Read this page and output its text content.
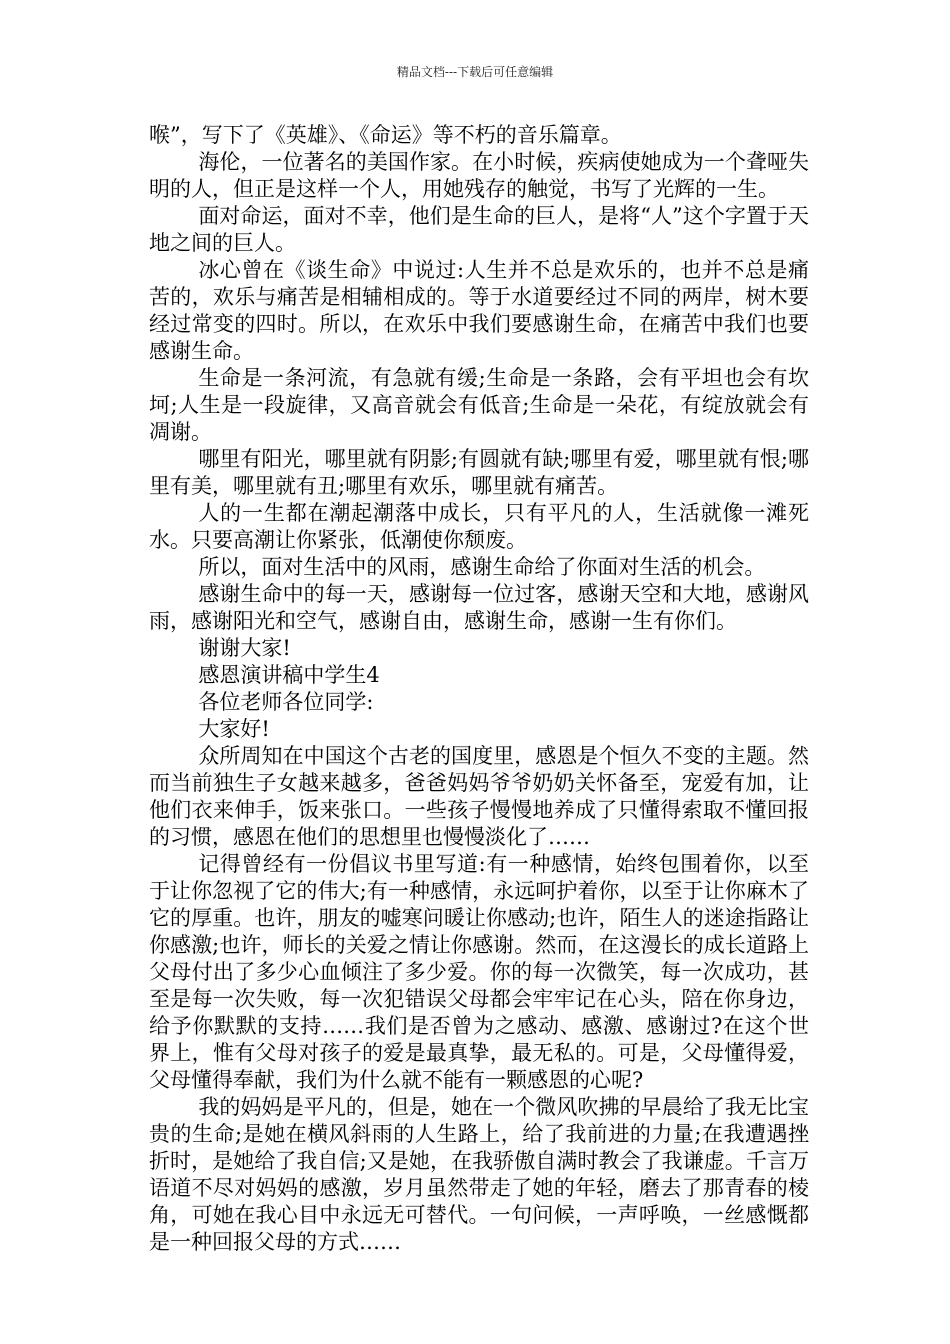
精品文档---下载后可任意编辑

喉”，写下了《英雄》、《命运》等不朽的音乐篇章。

海伦，一位著名的美国作家。在小时候，疾病使她成为一个聋哑失明的人，但正是这样一个人，用她残存的触觉，书写了光辉的一生。

面对命运，面对不幸，他们是生命的巨人，是将“人”这个字置于天地之间的巨人。

冰心曾在《谈生命》中说过:人生并不总是欢乐的，也并不总是痛苦的，欢乐与痛苦是相辅相成的。等于水道要经过不同的两岸，树木要经过常变的四时。所以，在欢乐中我们要感谢生命，在痛苦中我们也要感谢生命。

生命是一条河流，有急就有缓;生命是一条路，会有平坦也会有坎坷;人生是一段旋律，又高音就会有低音;生命是一朵花，有绽放就会有凋谢。

哪里有阳光，哪里就有阴影;有圆就有缺;哪里有爱，哪里就有恨;哪里有美，哪里就有丑;哪里有欢乐，哪里就有痛苦。

人的一生都在潮起潮落中成长，只有平凡的人，生活就像一滩死水。只要高潮让你紧张，低潮使你颓废。

所以，面对生活中的风雨，感谢生命给了你面对生活的机会。

感谢生命中的每一天，感谢每一位过客，感谢天空和大地，感谢风雨，感谢阳光和空气，感谢自由，感谢生命，感谢一生有你们。

谢谢大家!

感恩演讲稿中学生4

各位老师各位同学:

大家好!

众所周知在中国这个古老的国度里，感恩是个恒久不变的主题。然而当前独生子女越来越多，爸爸妈妈爷爷奶奶关怀备至，宠爱有加，让他们衣来伸手，饭来张口。一些孩子慢慢地养成了只懂得索取不懂回报的习惯，感恩在他们的思想里也慢慢淡化了……

记得曾经有一份倡议书里写道:有一种感情，始终包围着你，以至于让你忽视了它的伟大;有一种感情，永远呵护着你，以至于让你麻木了它的厚重。也许，朋友的嘘寒问暖让你感动;也许，陌生人的迷途指路让你感激;也许，师长的关爱之情让你感谢。然而，在这漫长的成长道路上父母付出了多少心血倾注了多少爱。你的每一次微笑，每一次成功，甚至是每一次失败，每一次犯错误父母都会牢牢记在心头，陪在你身边，给予你默默的支持……我们是否曾为之感动、感激、感谢过?在这个世界上，惟有父母对孩子的爱是最真挚，最无私的。可是，父母懂得爱，父母懂得奉献，我们为什么就不能有一颗感恩的心呢?

我的妈妈是平凡的，但是，她在一个微风吹拂的早晨给了我无比宝贵的生命;是她在横风斜雨的人生路上，给了我前进的力量;在我遭遇挫折时，是她给了我自信;又是她，在我骄傲自满时教会了我谦虚。千言万语道不尽对妈妈的感激，岁月虽然带走了她的年轻，磨去了那青春的棱角，可她在我心目中永远无可替代。一句问候，一声呼唤，一丝感慨都是一种回报父母的方式……
